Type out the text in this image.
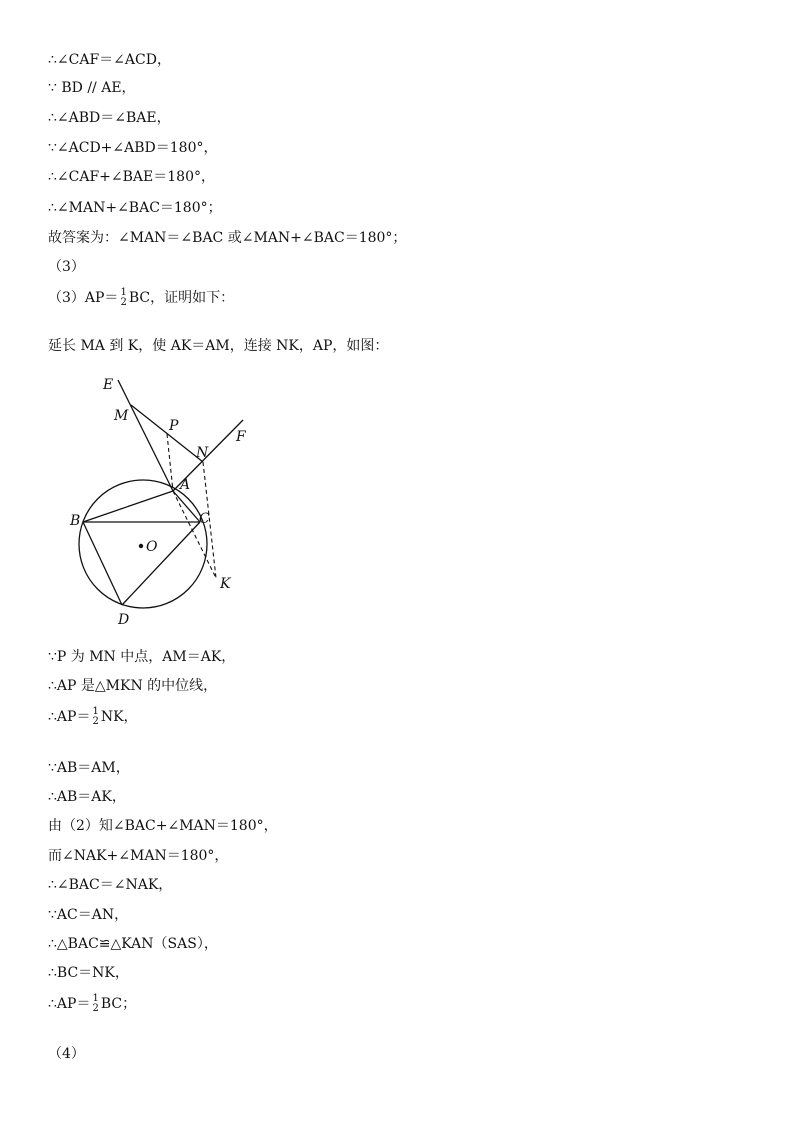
∴∠CAF＝∠ACD，
∵ BD // AE，
∴∠ABD＝∠BAE，
∵∠ACD+∠ABD＝180°，
∴∠CAF+∠BAE＝180°，
∴∠MAN+∠BAC＝180°；
故答案为：∠MAN＝∠BAC 或∠MAN+∠BAC＝180°；
（3）
（3）AP＝ 1
2 BC，证明如下：
延长 MA 到 K，使 AK＝AM，连接 NK，AP，如图：
E
M
P
N
F
A
B	C
O
K
D
∵P 为 MN 中点，AM＝AK，
∴AP 是△MKN 的中位线，
∴AP＝ 1
2 NK，
∵AB＝AM，
∴AB＝AK，
由（2）知∠BAC+∠MAN＝180°，
而∠NAK+∠MAN＝180°，
∴∠BAC＝∠NAK，
∵AC＝AN，
∴△BAC≌△KAN（SAS），
∴BC＝NK，
∴AP＝ 1
2 BC；
（4）
